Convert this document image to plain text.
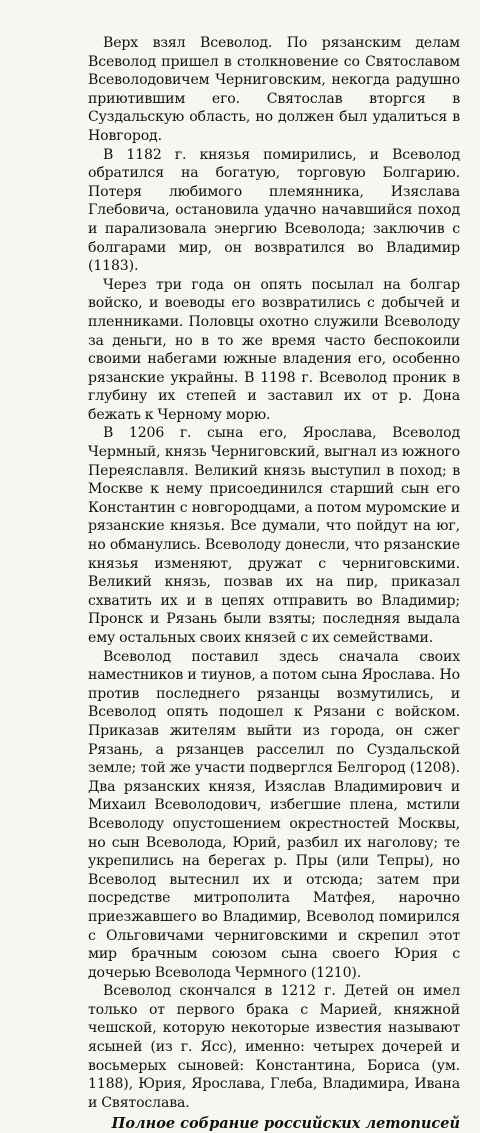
Верх взял Всеволод. По рязанским делам Всеволод пришел в столкновение со Святославом Всеволодовичем Черниговским, некогда радушно приютившим его. Святослав вторгся в Суздальскую область, но должен был удалиться в Новгород.

В 1182 г. князья помирились, и Всеволод обратился на богатую, торговую Болгарию. Потеря любимого племянника, Изяслава Глебовича, остановила удачно начавшийся поход и парализовала энергию Всеволода; заключив с болгарами мир, он возвратился во Владимир (1183).

Через три года он опять посылал на болгар войско, и воеводы его возвратились с добычей и пленниками. Половцы охотно служили Всеволоду за деньги, но в то же время часто беспокоили своими набегами южные владения его, особенно рязанские украйны. В 1198 г. Всеволод проник в глубину их степей и заставил их от р. Дона бежать к Черному морю.

В 1206 г. сына его, Ярослава, Всеволод Чермный, князь Черниговский, выгнал из южного Переяславля. Великий князь выступил в поход; в Москве к нему присоединился старший сын его Константин с новгородцами, а потом муромские и рязанские князья. Все думали, что пойдут на юг, но обманулись. Всеволоду донесли, что рязанские князья изменяют, дружат с черниговскими. Великий князь, позвав их на пир, приказал схватить их и в цепях отправить во Владимир; Пронск и Рязань были взяты; последняя выдала ему остальных своих князей с их семействами.

Всеволод поставил здесь сначала своих наместников и тиунов, а потом сына Ярослава. Но против последнего рязанцы возмутились, и Всеволод опять подошел к Рязани с войском. Приказав жителям выйти из города, он сжег Рязань, а рязанцев расселил по Суздальской земле; той же участи подверглся Белгород (1208). Два рязанских князя, Изяслав Владимирович и Михаил Всеволодович, избегшие плена, мстили Всеволоду опустошением окрестностей Москвы, но сын Всеволода, Юрий, разбил их наголову; те укрепились на берегах р. Пры (или Тепры), но Всеволод вытеснил их и отсюда; затем при посредстве митрополита Матфея, нарочно приезжавшего во Владимир, Всеволод помирился с Ольговичами черниговскими и скрепил этот мир брачным союзом сына своего Юрия с дочерью Всеволода Чермного (1210).

Всеволод скончался в 1212 г. Детей он имел только от первого брака с Марией, княжной чешской, которую некоторые известия называют ясыней (из г. Ясс), именно: четырех дочерей и восьмерых сыновей: Константина, Бориса (ум. 1188), Юрия, Ярослава, Глеба, Владимира, Ивана и Святослава.

Полное собрание российских летописей
